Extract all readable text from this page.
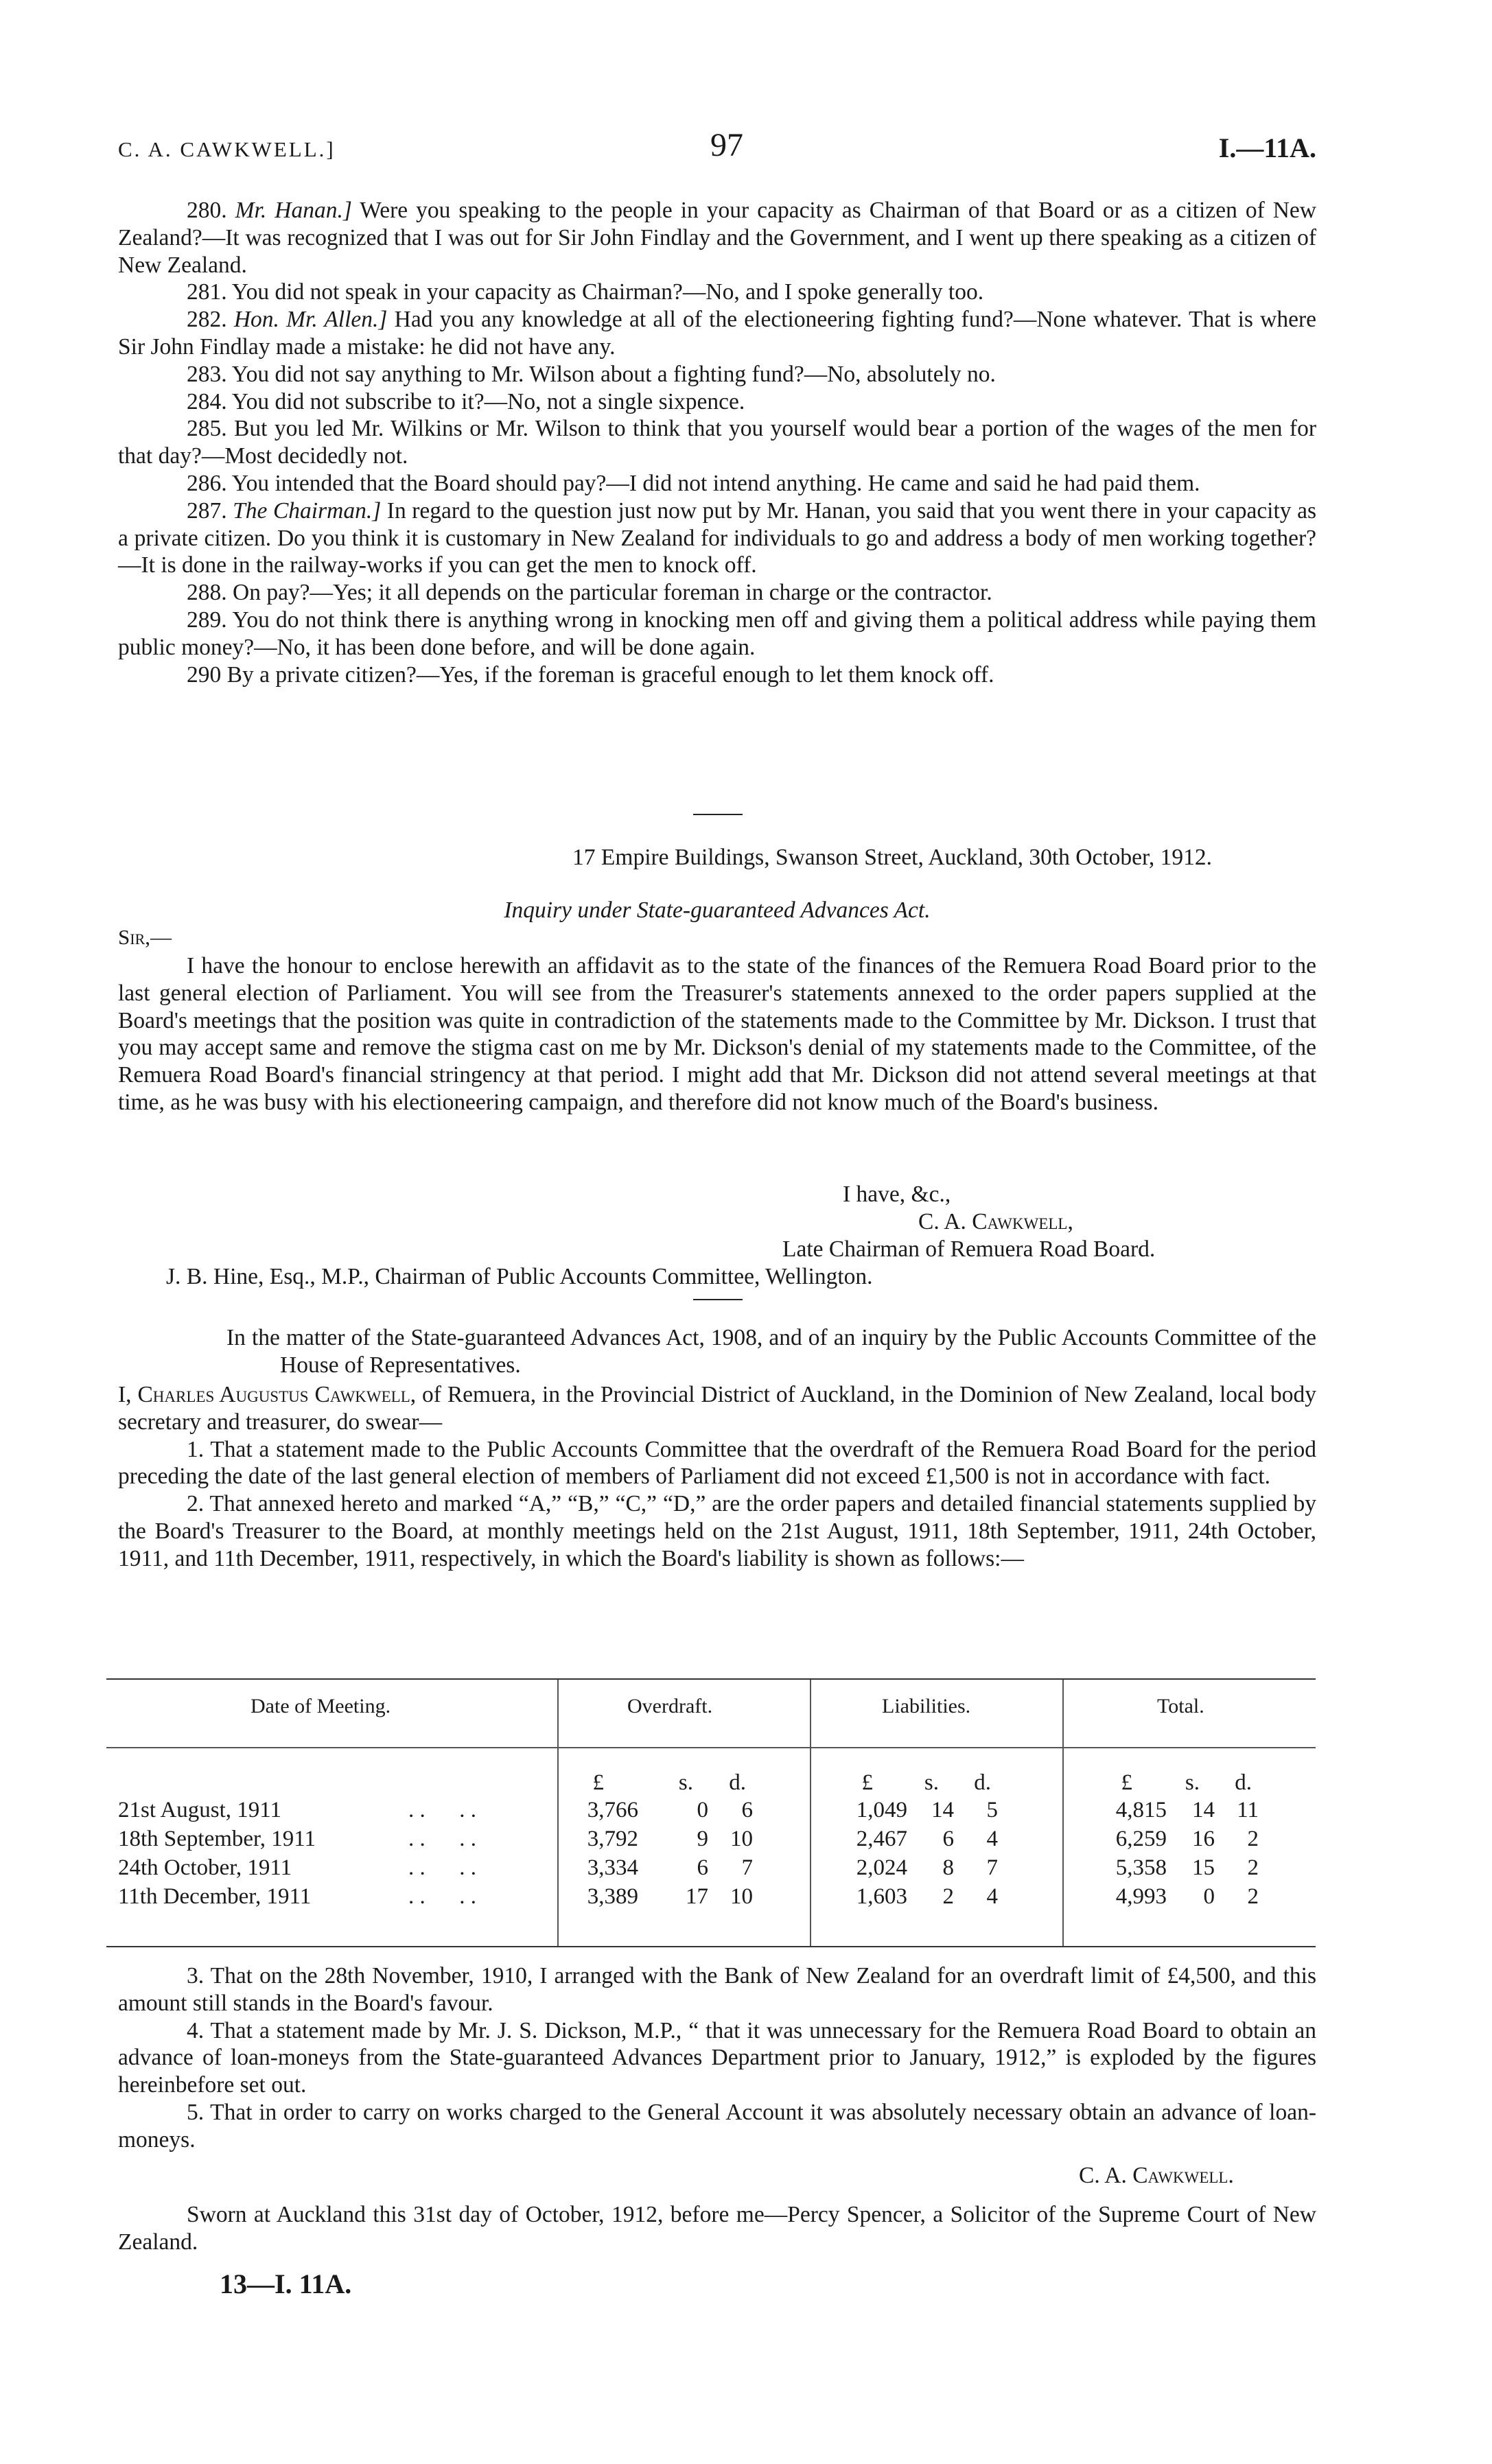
C. A. CAWKWELL.]	97	I.—11A.

280. Mr. Hanan.] Were you speaking to the people in your capacity as Chairman of that Board or as a citizen of New Zealand?—It was recognized that I was out for Sir John Findlay and the Government, and I went up there speaking as a citizen of New Zealand.

281. You did not speak in your capacity as Chairman?—No, and I spoke generally too.

282. Hon. Mr. Allen.] Had you any knowledge at all of the electioneering fighting fund?—None whatever. That is where Sir John Findlay made a mistake: he did not have any.

283. You did not say anything to Mr. Wilson about a fighting fund?—No, absolutely no.

284. You did not subscribe to it?—No, not a single sixpence.

285. But you led Mr. Wilkins or Mr. Wilson to think that you yourself would bear a portion of the wages of the men for that day?—Most decidedly not.

286. You intended that the Board should pay?—I did not intend anything. He came and said he had paid them.

287. The Chairman.] In regard to the question just now put by Mr. Hanan, you said that you went there in your capacity as a private citizen. Do you think it is customary in New Zealand for individuals to go and address a body of men working together?—It is done in the railway-works if you can get the men to knock off.

288. On pay?—Yes; it all depends on the particular foreman in charge or the contractor.

289. You do not think there is anything wrong in knocking men off and giving them a political address while paying them public money?—No, it has been done before, and will be done again.

290 By a private citizen?—Yes, if the foreman is graceful enough to let them knock off.

17 Empire Buildings, Swanson Street, Auckland, 30th October, 1912.
Inquiry under State-guaranteed Advances Act.
Sir,—

I have the honour to enclose herewith an affidavit as to the state of the finances of the Remuera Road Board prior to the last general election of Parliament. You will see from the Treasurer's statements annexed to the order papers supplied at the Board's meetings that the position was quite in contradiction of the statements made to the Committee by Mr. Dickson. I trust that you may accept same and remove the stigma cast on me by Mr. Dickson's denial of my statements made to the Committee, of the Remuera Road Board's financial stringency at that period. I might add that Mr. Dickson did not attend several meetings at that time, as he was busy with his electioneering campaign, and therefore did not know much of the Board's business.

I have, &c.,
C. A. Cawkwell,
Late Chairman of Remuera Road Board.
J. B. Hine, Esq., M.P., Chairman of Public Accounts Committee, Wellington.
In the matter of the State-guaranteed Advances Act, 1908, and of an inquiry by the Public Accounts Committee of the House of Representatives.

I, Charles Augustus Cawkwell, of Remuera, in the Provincial District of Auckland, in the Dominion of New Zealand, local body secretary and treasurer, do swear—

1. That a statement made to the Public Accounts Committee that the overdraft of the Remuera Road Board for the period preceding the date of the last general election of members of Parliament did not exceed £1,500 is not in accordance with fact.

2. That annexed hereto and marked “A,” “B,” “C,” “D,” are the order papers and detailed financial statements supplied by the Board's Treasurer to the Board, at monthly meetings held on the 21st August, 1911, 18th September, 1911, 24th October, 1911, and 11th December, 1911, respectively, in which the Board's liability is shown as follows:—

Date of Meeting.	Overdraft.	Liabilities.	Total.
£	s. d.	£ s. d.	£ s. d.
21st August, 1911	. .      . .	3,766	0 6	1,049 14 5	4,815 14 11
18th September, 1911	. .      . .	3,792	9 10	2,467 6 4	6,259 16 2
24th October, 1911	. .      . .	3,334	6 7	2,024 8 7	5,358 15 2
11th December, 1911	. .      . .	3,389 17 10	1,603 2 4	4,993 0 2

3. That on the 28th November, 1910, I arranged with the Bank of New Zealand for an overdraft limit of £4,500, and this amount still stands in the Board's favour.

4. That a statement made by Mr. J. S. Dickson, M.P., “ that it was unnecessary for the Remuera Road Board to obtain an advance of loan-moneys from the State-guaranteed Advances Department prior to January, 1912,” is exploded by the figures hereinbefore set out.

5. That in order to carry on works charged to the General Account it was absolutely necessary obtain an advance of loan-moneys.

C. A. Cawkwell.

Sworn at Auckland this 31st day of October, 1912, before me—Percy Spencer, a Solicitor of the Supreme Court of New Zealand.

13—I. 11A.
